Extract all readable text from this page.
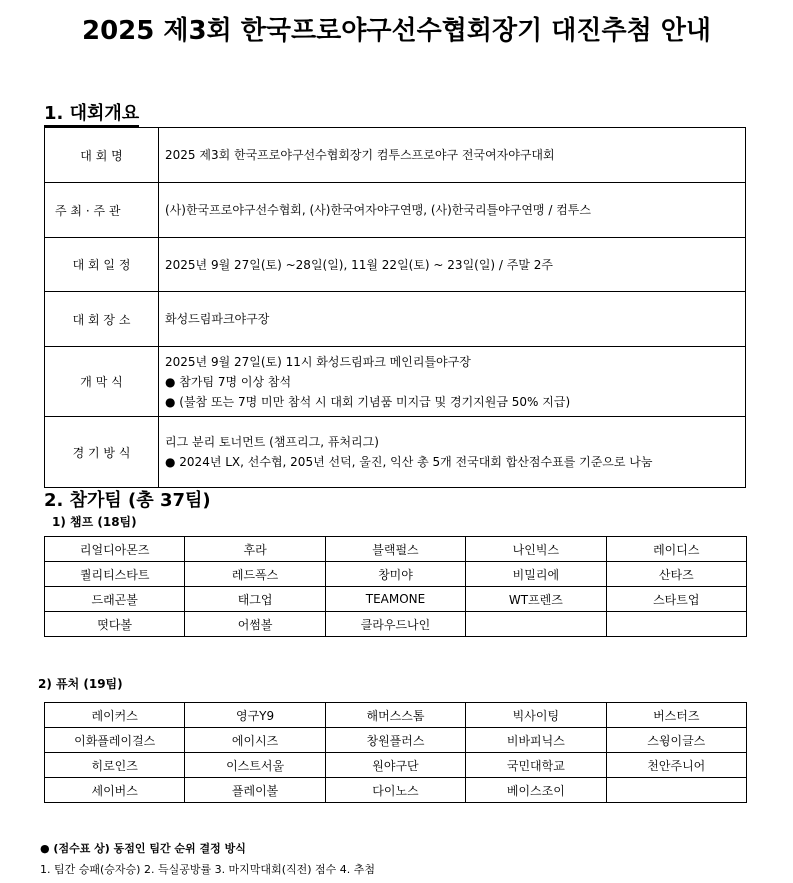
2025 제3회 한국프로야구선수협회장기 대진추첨 안내
1. 대회개요
대 회 명	2025 제3회 한국프로야구선수협회장기 컴투스프로야구 전국여자야구대회

주 최 · 주 관	(사)한국프로야구선수협회, (사)한국여자야구연맹, (사)한국리틀야구연맹 / 컴투스

대 회 일 정	2025년 9월 27일(토) ~28일(일), 11월 22일(토) ~ 23일(일) / 주말 2주

대 회 장 소	화성드림파크야구장

개 막 식	2025년 9월 27일(토) 11시 화성드림파크 메인리틀야구장
● 참가팀 7명 이상 참석
● (불참 또는 7명 미만 참석 시 대회 기념품 미지급 및 경기지원금 50% 지급)

경 기 방 식	리그 분리 토너먼트 (챔프리그, 퓨처리그)
● 2024년 LX, 선수협, 205년 선덕, 울진, 익산 총 5개 전국대회 합산점수표를 기준으로 나눔
2. 참가팀 (총 37팀)
1) 챔프 (18팀)
리얼디아몬즈	후라	블랙펄스	나인빅스	레이디스
퀄리티스타트	레드폭스	창미야	비밀리에	산타즈
드래곤볼	태그업	TEAMONE	WT프렌즈	스타트업
떳다볼	어썸볼	클라우드나인		
2) 퓨처 (19팀)
레이커스	영구Y9	해머스스톰	빅사이팅	버스터즈
이화플레이걸스	에이시즈	창원플러스	비바피닉스	스윙이글스
히로인즈	이스트서울	원야구단	국민대학교	천안주니어
세이버스	플레이볼	다이노스	베이스조이	
● (점수표 상) 동점인 팀간 순위 결정 방식
1. 팀간 승패(승자승) 2. 득실공방률 3. 마지막대회(직전) 점수 4. 추첨
